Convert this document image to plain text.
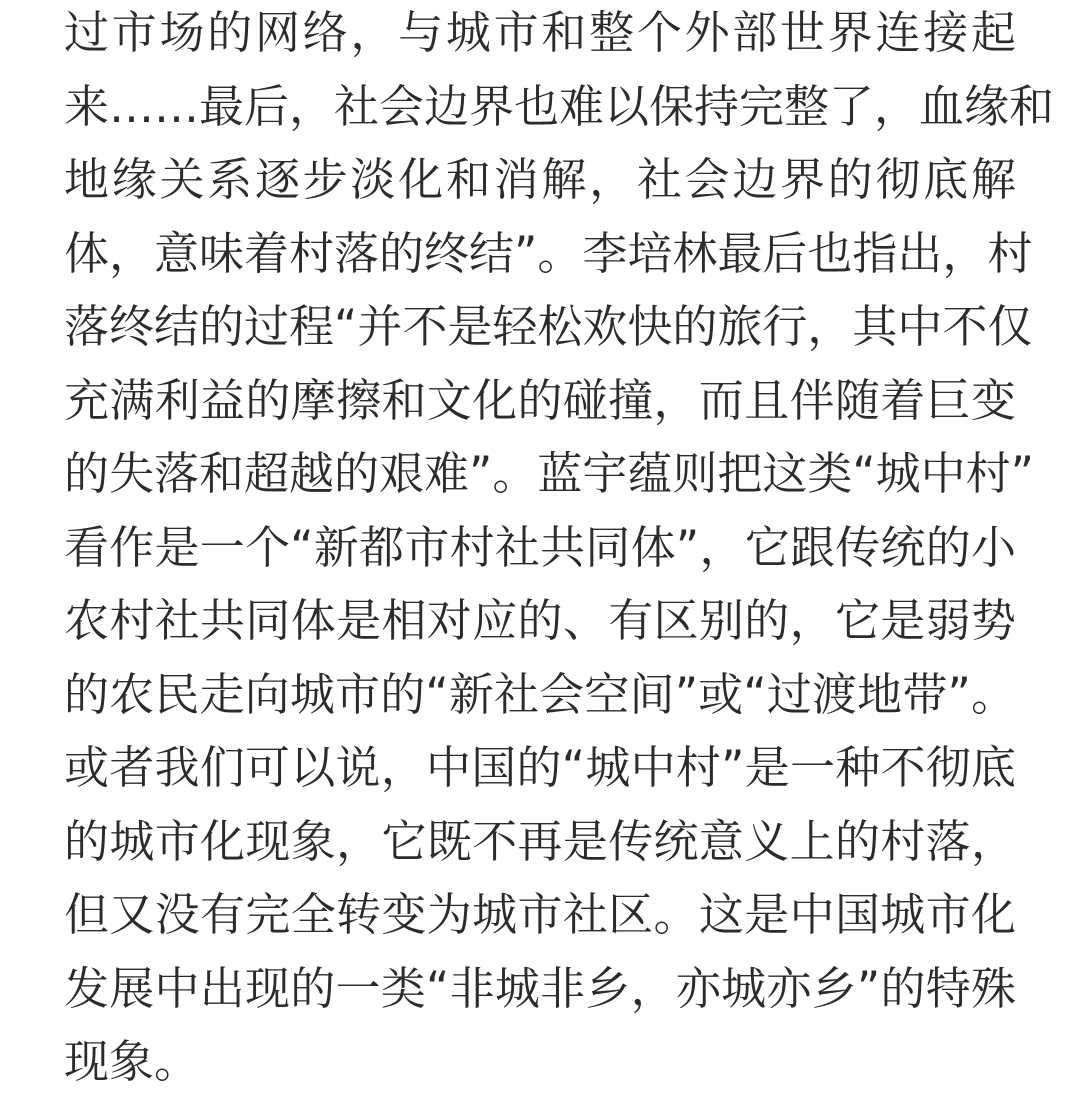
过市场的网络，与城市和整个外部世界连接起
来……最后，社会边界也难以保持完整了，血缘和
地缘关系逐步淡化和消解，社会边界的彻底解
体，意味着村落的终结”。李培林最后也指出，村
落终结的过程“并不是轻松欢快的旅行，其中不仅
充满利益的摩擦和文化的碰撞，而且伴随着巨变
的失落和超越的艰难”。蓝宇蕴则把这类“城中村”
看作是一个“新都市村社共同体”，它跟传统的小
农村社共同体是相对应的、有区别的，它是弱势
的农民走向城市的“新社会空间”或“过渡地带”。
或者我们可以说，中国的“城中村”是一种不彻底
的城市化现象，它既不再是传统意义上的村落，
但又没有完全转变为城市社区。这是中国城市化
发展中出现的一类“非城非乡，亦城亦乡”的特殊
现象。
